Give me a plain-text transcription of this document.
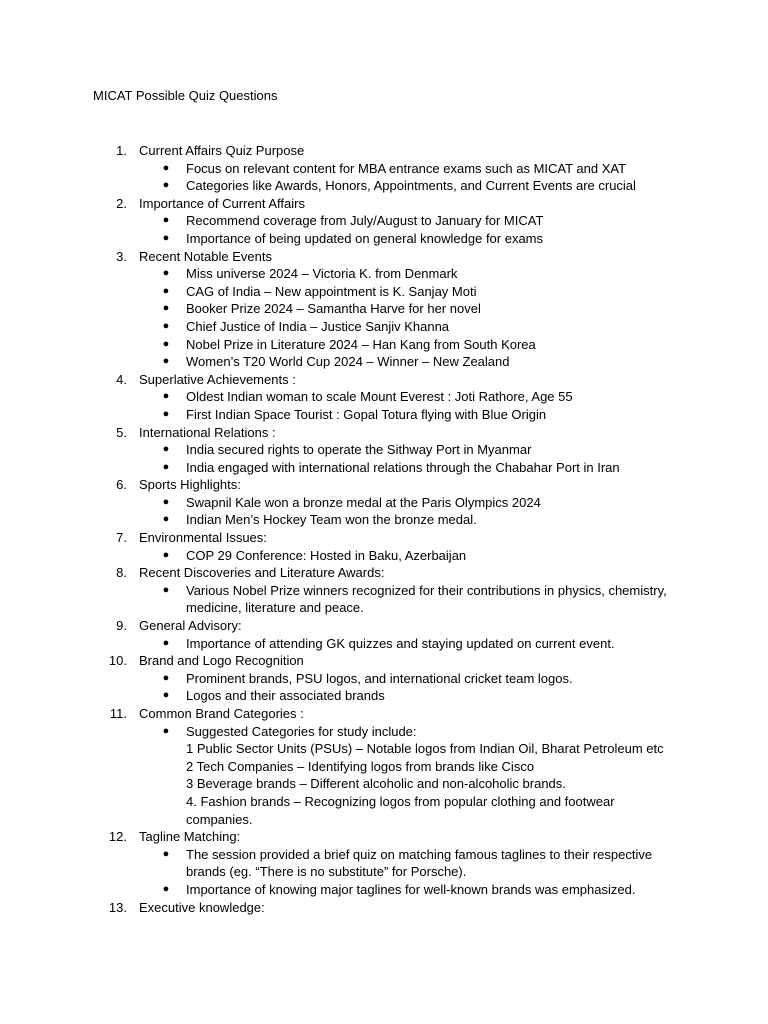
MICAT Possible Quiz Questions
1. Current Affairs Quiz Purpose
● Focus on relevant content for MBA entrance exams such as MICAT and XAT
● Categories like Awards, Honors, Appointments, and Current Events are crucial
2. Importance of Current Affairs
● Recommend coverage from July/August to January for MICAT
● Importance of being updated on general knowledge for exams
3. Recent Notable Events
● Miss universe 2024 – Victoria K. from Denmark
● CAG of India – New appointment is K. Sanjay Moti
● Booker Prize 2024 – Samantha Harve for her novel
● Chief Justice of India – Justice Sanjiv Khanna
● Nobel Prize in Literature 2024 – Han Kang from South Korea
● Women’s T20 World Cup 2024 – Winner – New Zealand
4. Superlative Achievements :
● Oldest Indian woman to scale Mount Everest : Joti Rathore, Age 55
● First Indian Space Tourist : Gopal Totura flying with Blue Origin
5. International Relations :
● India secured rights to operate the Sithway Port in Myanmar
● India engaged with international relations through the Chabahar Port in Iran
6. Sports Highlights:
● Swapnil Kale won a bronze medal at the Paris Olympics 2024
● Indian Men’s Hockey Team won the bronze medal.
7. Environmental Issues:
● COP 29 Conference: Hosted in Baku, Azerbaijan
8. Recent Discoveries and Literature Awards:
● Various Nobel Prize winners recognized for their contributions in physics, chemistry,
medicine, literature and peace.
9. General Advisory:
● Importance of attending GK quizzes and staying updated on current event.
10. Brand and Logo Recognition
● Prominent brands, PSU logos, and international cricket team logos.
● Logos and their associated brands
11. Common Brand Categories :
● Suggested Categories for study include:
1 Public Sector Units (PSUs) – Notable logos from Indian Oil, Bharat Petroleum etc
2 Tech Companies – Identifying logos from brands like Cisco
3 Beverage brands – Different alcoholic and non-alcoholic brands.
4. Fashion brands – Recognizing logos from popular clothing and footwear
companies.
12. Tagline Matching:
● The session provided a brief quiz on matching famous taglines to their respective
brands (eg. “There is no substitute” for Porsche).
● Importance of knowing major taglines for well-known brands was emphasized.
13. Executive knowledge:
